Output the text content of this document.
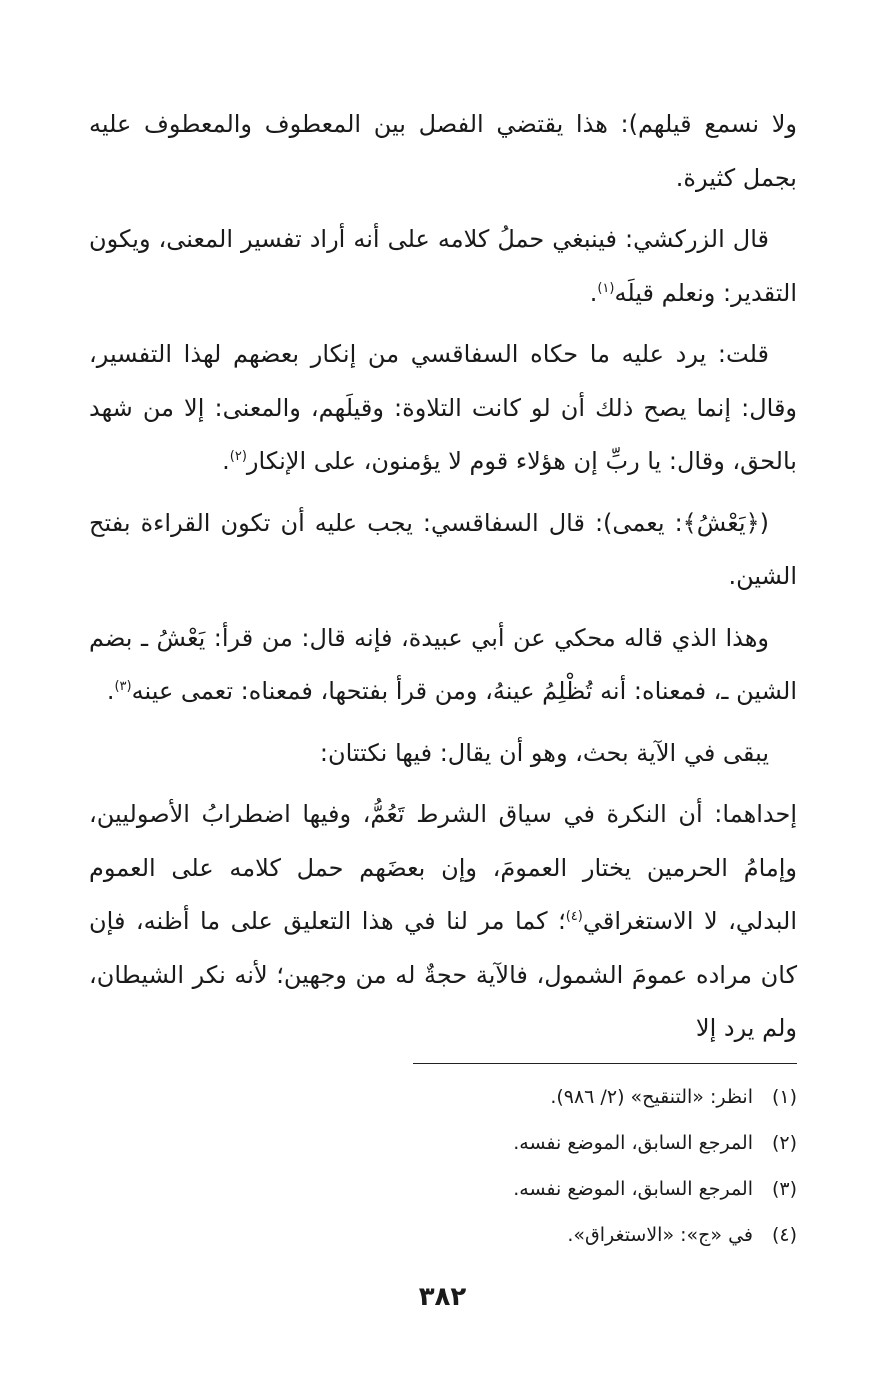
ولا نسمع قيلهم): هذا يقتضي الفصل بين المعطوف والمعطوف عليه بجمل كثيرة.

قال الزركشي: فينبغي حملُ كلامه على أنه أراد تفسير المعنى، ويكون التقدير: ونعلم قيلَه$^{(١)}$.

قلت: يرد عليه ما حكاه السفاقسي من إنكار بعضهم لهذا التفسير، وقال: إنما يصح ذلك أن لو كانت التلاوة: وقيلَهم، والمعنى: إلا من شهد بالحق، وقال: يا ربِّ إن هؤلاء قوم لا يؤمنون، على الإنكار$^{(٢)}$.

(﴿يَعْشُ﴾: يعمى): قال السفاقسي: يجب عليه أن تكون القراءة بفتح الشين.

وهذا الذي قاله محكي عن أبي عبيدة، فإنه قال: من قرأ: يَعْشُ ـ بضم الشين ـ، فمعناه: أنه تُظْلِمُ عينهُ، ومن قرأ بفتحها، فمعناه: تعمى عينه$^{(٣)}$.

يبقى في الآية بحث، وهو أن يقال: فيها نكتتان:

إحداهما: أن النكرة في سياق الشرط تَعُمُّ، وفيها اضطرابُ الأصوليين، وإمامُ الحرمين يختار العمومَ، وإن بعضَهم حمل كلامه على العموم البدلي، لا الاستغراقي$^{(٤)}$؛ كما مر لنا في هذا التعليق على ما أظنه، فإن كان مراده عمومَ الشمول، فالآية حجةٌ له من وجهين؛ لأنه نكر الشيطان، ولم يرد إلا

(١)
انظر: «التنقيح» (٢/ ٩٨٦).
(٢)
المرجع السابق، الموضع نفسه.
(٣)
المرجع السابق، الموضع نفسه.
(٤)
في «ج»: «الاستغراق».
٣٨٢
